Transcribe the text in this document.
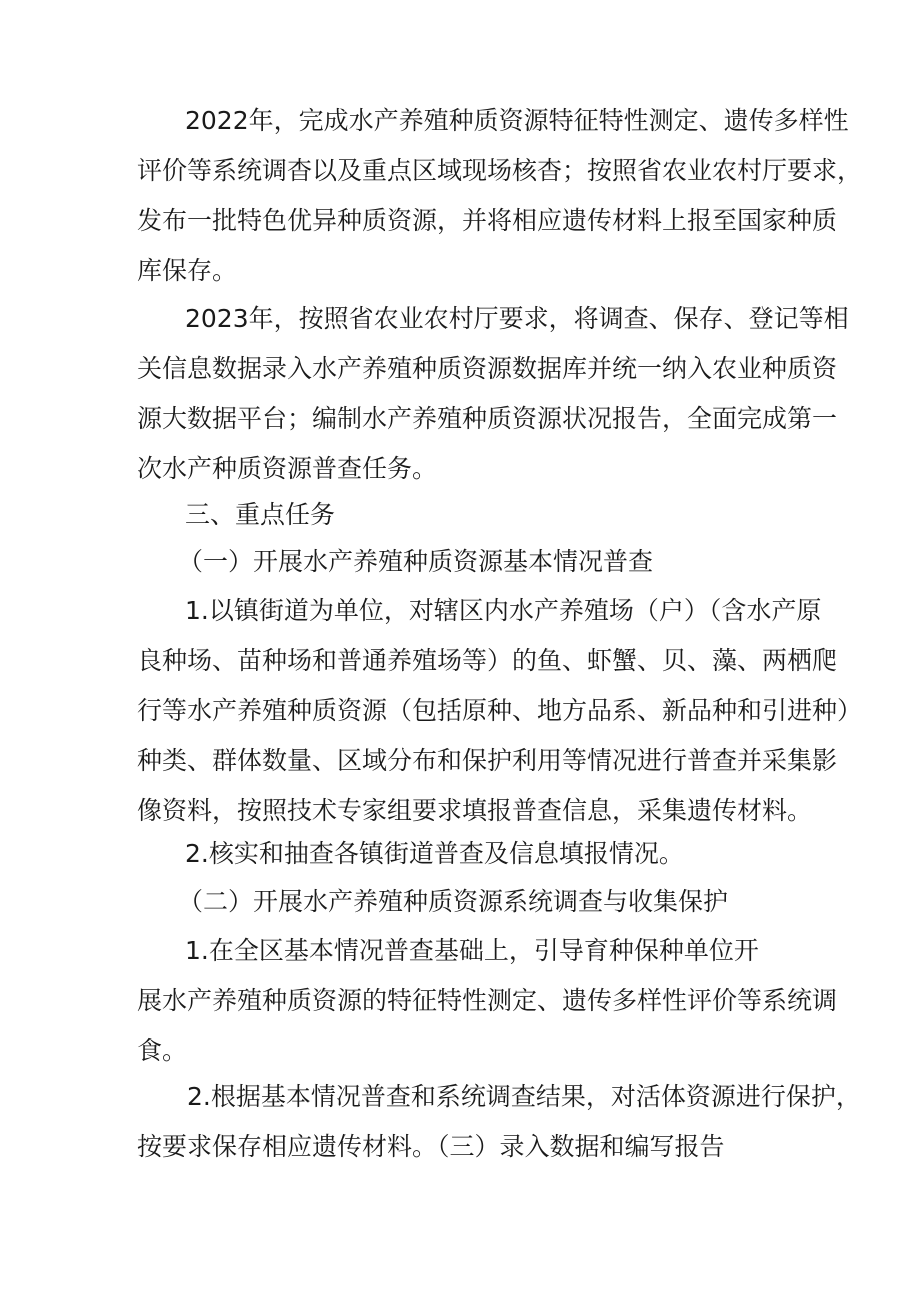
2022年，完成水产养殖种质资源特征特性测定、遗传多样性
评价等系统调杳以及重点区域现场核杳；按照省农业农村厅要求，
发布一批特色优异种质资源，并将相应遗传材料上报至国家种质
库保存。
2023年，按照省农业农村厅要求，将调查、保存、登记等相
关信息数据录入水产养殖种质资源数据库并统一纳入农业种质资
源大数据平台；编制水产养殖种质资源状况报告，全面完成第一
次水产种质资源普查任务。
三、重点任务
（一）开展水产养殖种质资源基本情况普查
1.以镇街道为单位，对辖区内水产养殖场（户）（含水产原
良种场、苗种场和普通养殖场等）的鱼、虾蟹、贝、藻、两栖爬
行等水产养殖种质资源（包括原种、地方品系、新品种和引进种）
种类、群体数量、区域分布和保护利用等情况进行普查并采集影
像资料，按照技术专家组要求填报普查信息，采集遗传材料。
2.核实和抽查各镇街道普查及信息填报情况。
（二）开展水产养殖种质资源系统调查与收集保护
1.在全区基本情况普查基础上，引导育种保种单位开
展水产养殖种质资源的特征特性测定、遗传多样性评价等系统调
食。
2.根据基本情况普查和系统调查结果，对活体资源进行保护，
按要求保存相应遗传材料。（三）录入数据和编写报告
